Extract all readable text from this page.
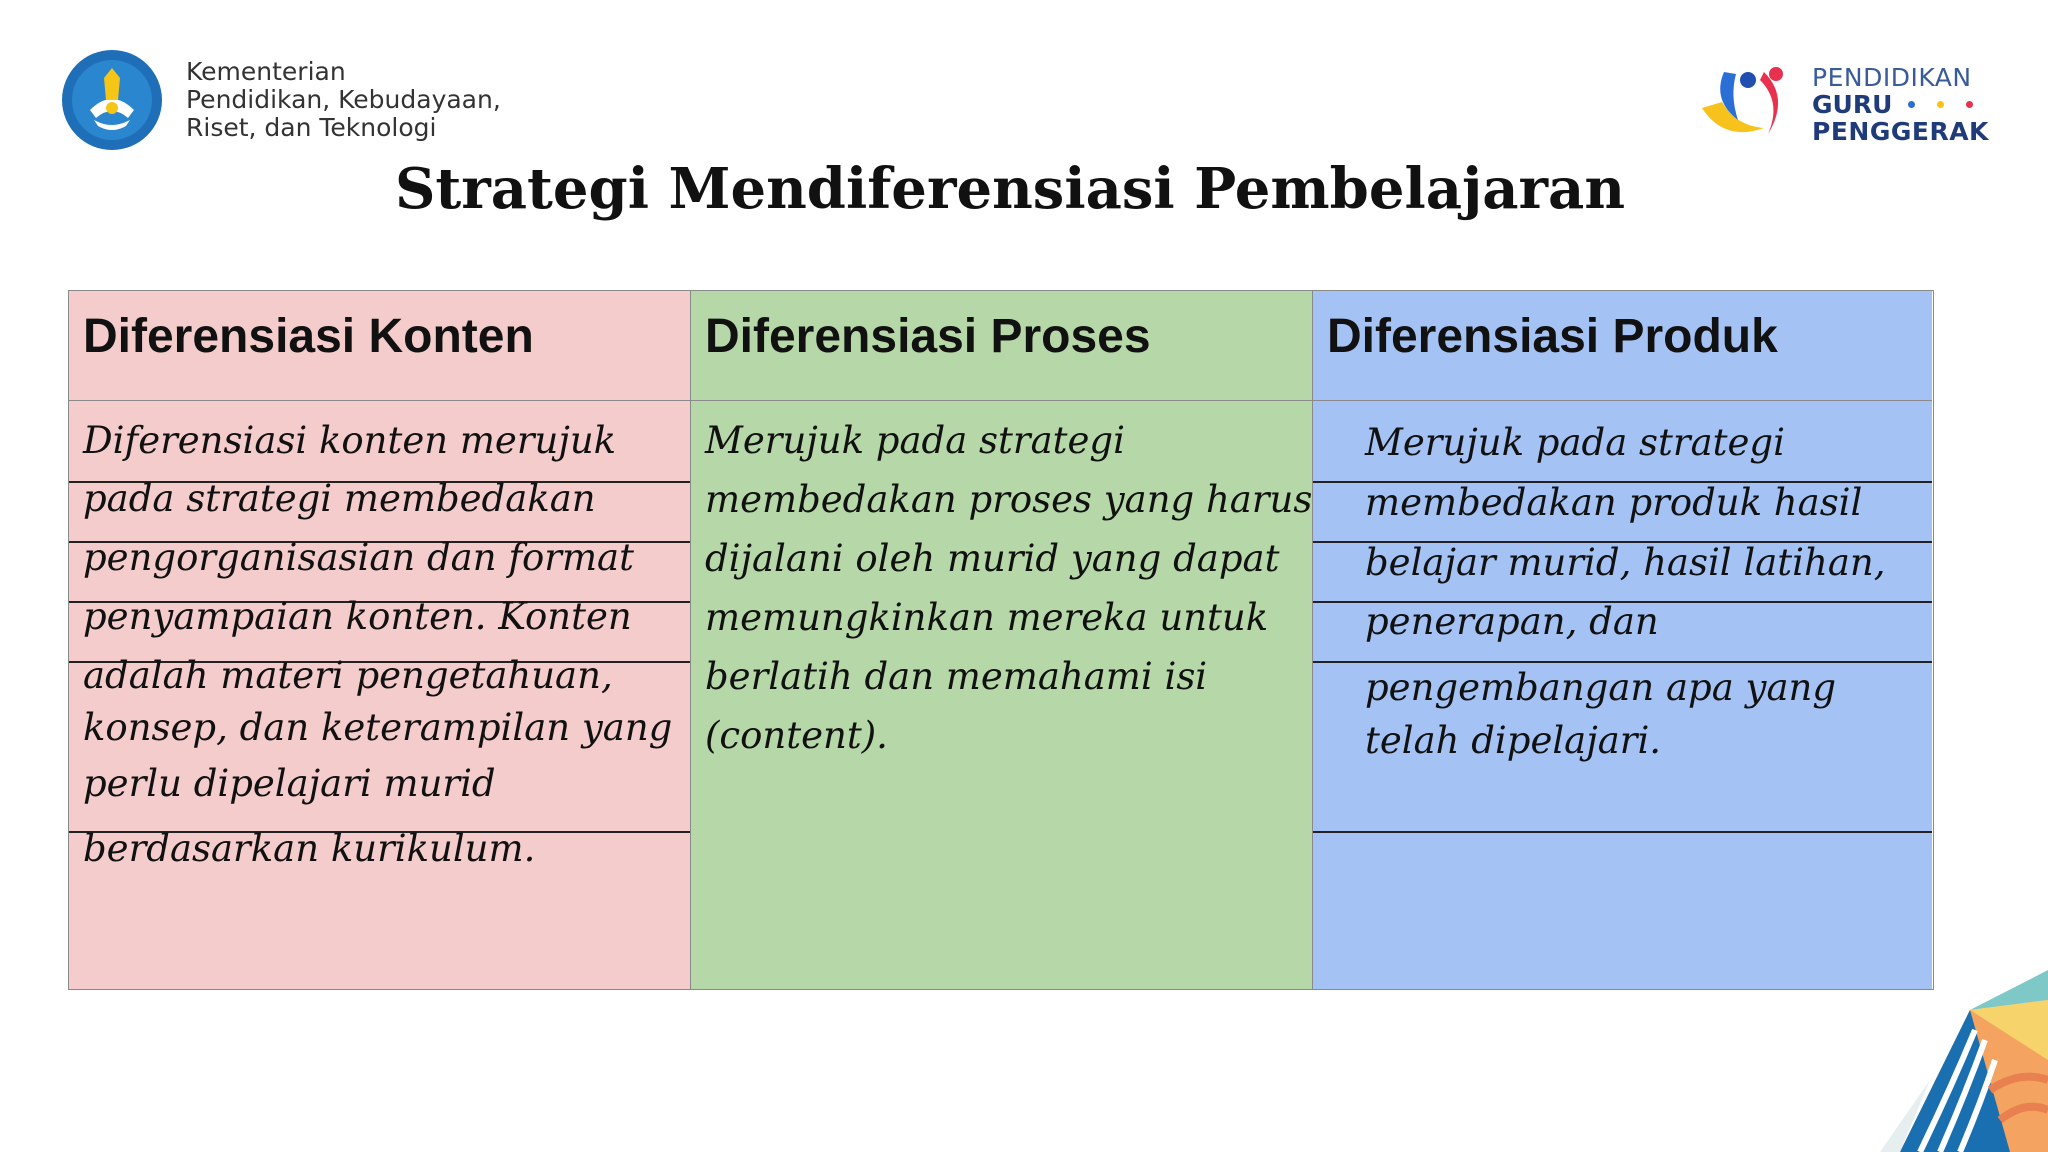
Kementerian
Pendidikan, Kebudayaan,
Riset, dan Teknologi
PENDIDIKAN
GURU
PENGGERAK
Strategi Mendiferensiasi Pembelajaran
Diferensiasi Konten
Diferensiasi konten merujuk
pada strategi membedakan
pengorganisasian dan format
penyampaian konten. Konten
adalah materi pengetahuan,
konsep, dan keterampilan yang
perlu dipelajari murid
berdasarkan kurikulum.
Diferensiasi Proses
Merujuk pada strategi
membedakan proses yang harus
dijalani oleh murid yang dapat
memungkinkan mereka untuk
berlatih dan memahami isi
(content).
Diferensiasi Produk
Merujuk pada strategi
membedakan produk hasil
belajar murid, hasil latihan,
penerapan, dan
pengembangan apa yang
telah dipelajari.
